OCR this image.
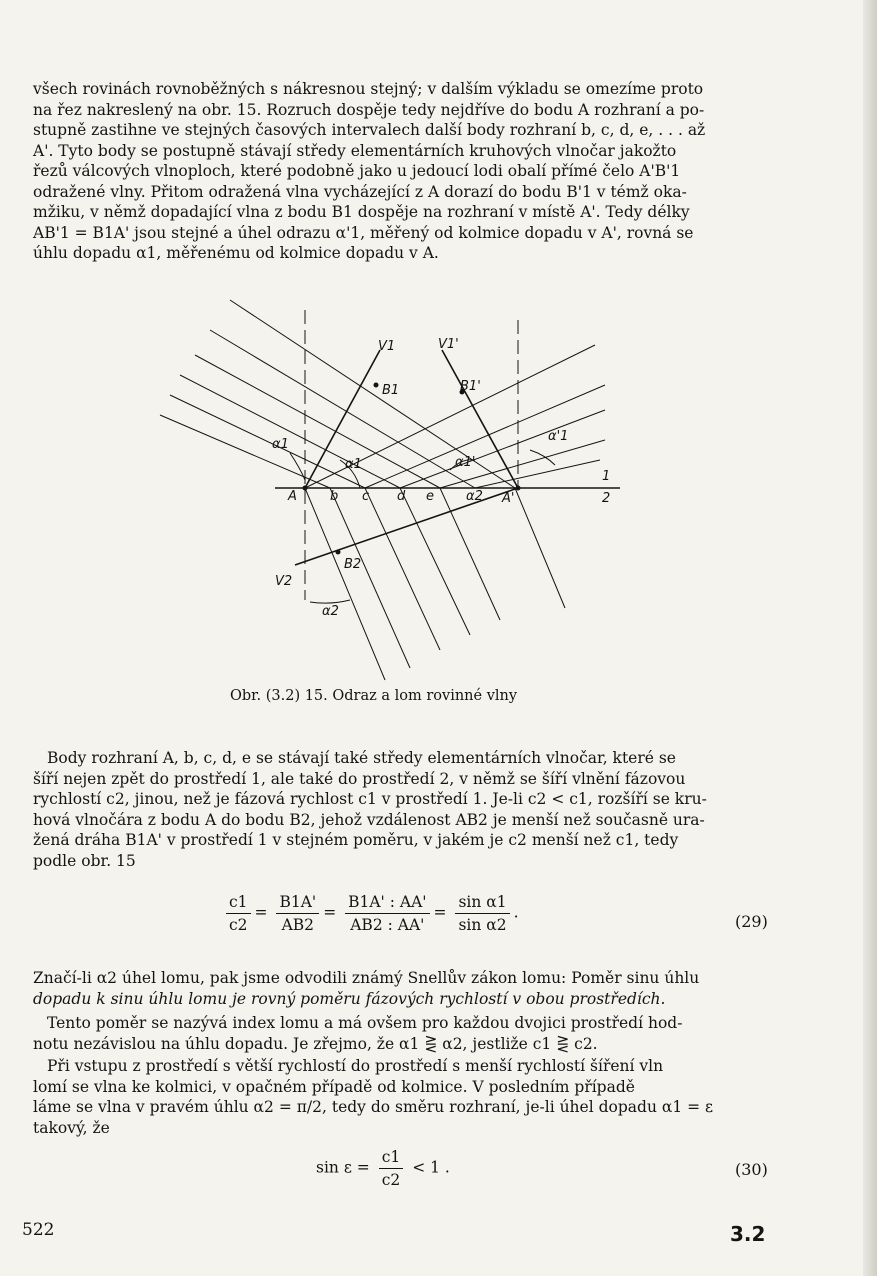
všech rovinách rovnoběžných s nákresnou stejný; v dalším výkladu se omezíme proto
na řez nakreslený na obr. 15. Rozruch dospěje tedy nejdříve do bodu A rozhraní a po-
stupně zastihne ve stejných časových intervalech další body rozhraní b, c, d, e, . . . až
A'. Tyto body se postupně stávají středy elementárních kruhových vlnočar jakožto
řezů válcových vlnoploch, které podobně jako u jedoucí lodi obalí přímé čelo A'B'1
odražené vlny. Přitom odražená vlna vycházející z A dorazí do bodu B'1 v témž oka-
mžiku, v němž dopadající vlna z bodu B1 dospěje na rozhraní v místě A'. Tedy délky
AB'1 = B1A' jsou stejné a úhel odrazu α'1, měřený od kolmice dopadu v A', rovná se
úhlu dopadu α1, měřenému od kolmice dopadu v A.
V1	V1'
B1	B1'
B2
V2
α1
α1	α1'
α'1
α2
α2
A	b c d e	A'
1
2
Obr. (3.2) 15. Odraz a lom rovinné vlny
Body rozhraní A, b, c, d, e se stávají také středy elementárních vlnočar, které se
šíří nejen zpět do prostředí 1, ale také do prostředí 2, v němž se šíří vlnění fázovou
rychlostí c2, jinou, než je fázová rychlost c1 v prostředí 1. Je-li c2 < c1, rozšíří se kru-
hová vlnočára z bodu A do bodu B2, jehož vzdálenost AB2 je menší než současně ura-
žená dráha B1A' v prostředí 1 v stejném poměru, v jakém je c2 menší než c1, tedy
podle obr. 15
$\frac{c1}{c2} = \frac{B1A'}{AB2} = \frac{B1A' : AA'}{AB2 : AA'} = \frac{\text{sin α1}}{\text{sin α2}}$ .	(29)
Značí-li α2 úhel lomu, pak jsme odvodili známý Snellův zákon lomu: Poměr sinu úhlu
dopadu k sinu úhlu lomu je rovný poměru fázových rychlostí v obou prostředích.
Tento poměr se nazývá index lomu a má ovšem pro každou dvojici prostředí hod-
notu nezávislou na úhlu dopadu. Je zřejmo, že α1 ⋛ α2, jestliže c1 ⋛ c2.
Při vstupu z prostředí s větší rychlostí do prostředí s menší rychlostí šíření vln
lomí se vlna ke kolmici, v opačném případě od kolmice. V posledním případě
láme se vlna v pravém úhlu α2 = π/2, tedy do směru rozhraní, je-li úhel dopadu α1 = ε
takový, že
$\sin \varepsilon = \frac{c1}{c2} < 1$ .	(30)
522	3.2
